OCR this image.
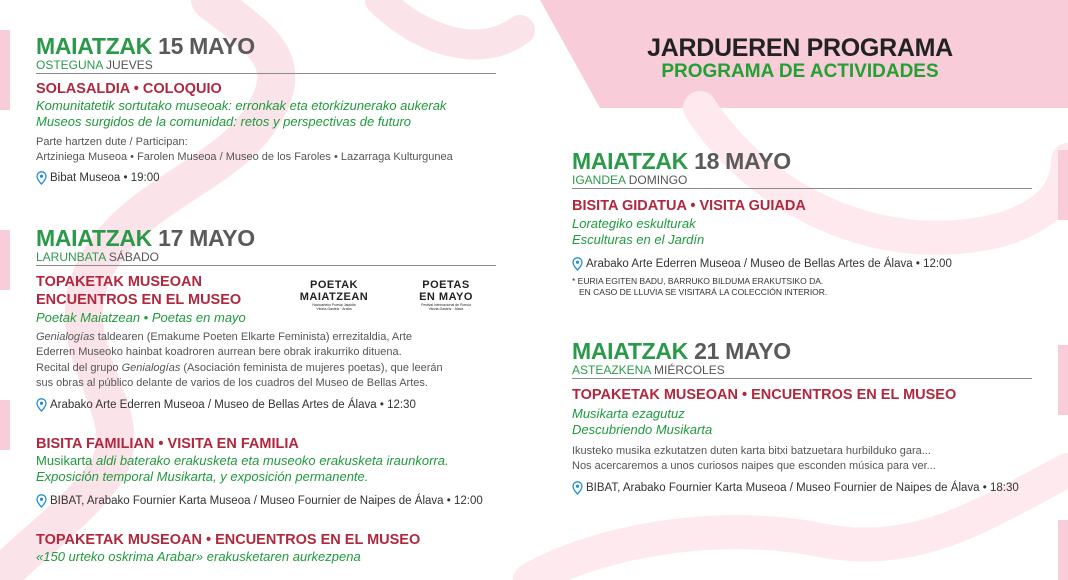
JARDUEREN PROGRAMA
PROGRAMA DE ACTIVIDADES
MAIATZAK 15 MAYO
OSTEGUNA JUEVES
SOLASALDIA • COLOQUIO
Komunitatetik sortutako museoak: erronkak eta etorkizunerako aukerak
Museos surgidos de la comunidad: retos y perspectivas de futuro
Parte hartzen dute / Participan:
Artziniega Museoa • Farolen Museoa / Museo de los Faroles • Lazarraga Kulturgunea
Bibat Museoa • 19:00
MAIATZAK 17 MAYO
LARUNBATA SÁBADO
TOPAKETAK MUSEOAN
ENCUENTROS EN EL MUSEO
Poetak Maiatzean • Poetas en mayo
POETAK
MAIATZEAN
Nazioarteko Poesia Jaialdia
Vitoria-Gasteiz · Araba
POETAS
EN MAYO
Festival Internacional de Poesía
Vitoria-Gasteiz · Álava
Genialogías taldearen (Emakume Poeten Elkarte Feminista) errezitaldia, Arte
Ederren Museoko hainbat koadroren aurrean bere obrak irakurriko dituena.
Recital del grupo Genialogías (Asociación feminista de mujeres poetas), que leerán
sus obras al público delante de varios de los cuadros del Museo de Bellas Artes.
Arabako Arte Ederren Museoa / Museo de Bellas Artes de Álava • 12:30
BISITA FAMILIAN • VISITA EN FAMILIA
Musikarta aldi baterako erakusketa eta museoko erakusketa iraunkorra.
Exposición temporal Musikarta, y exposición permanente.
BIBAT, Arabako Fournier Karta Museoa / Museo Fournier de Naipes de Álava • 12:00
TOPAKETAK MUSEOAN • ENCUENTROS EN EL MUSEO
«150 urteko oskrima Arabar» erakusketaren aurkezpena
MAIATZAK 18 MAYO
IGANDEA DOMINGO
BISITA GIDATUA • VISITA GUIADA
Lorategiko eskulturak
Esculturas en el Jardín
Arabako Arte Ederren Museoa / Museo de Bellas Artes de Álava • 12:00
* EURIA EGITEN BADU, BARRUKO BILDUMA ERAKUTSIKO DA.
EN CASO DE LLUVIA SE VISITARÁ LA COLECCIÓN INTERIOR.
MAIATZAK 21 MAYO
ASTEAZKENA MIÉRCOLES
TOPAKETAK MUSEOAN • ENCUENTROS EN EL MUSEO
Musikarta ezagutuz
Descubriendo Musikarta
Ikusteko musika ezkutatzen duten karta bitxi batzuetara hurbilduko gara...
Nos acercaremos a unos curiosos naipes que esconden música para ver...
BIBAT, Arabako Fournier Karta Museoa / Museo Fournier de Naipes de Álava • 18:30
